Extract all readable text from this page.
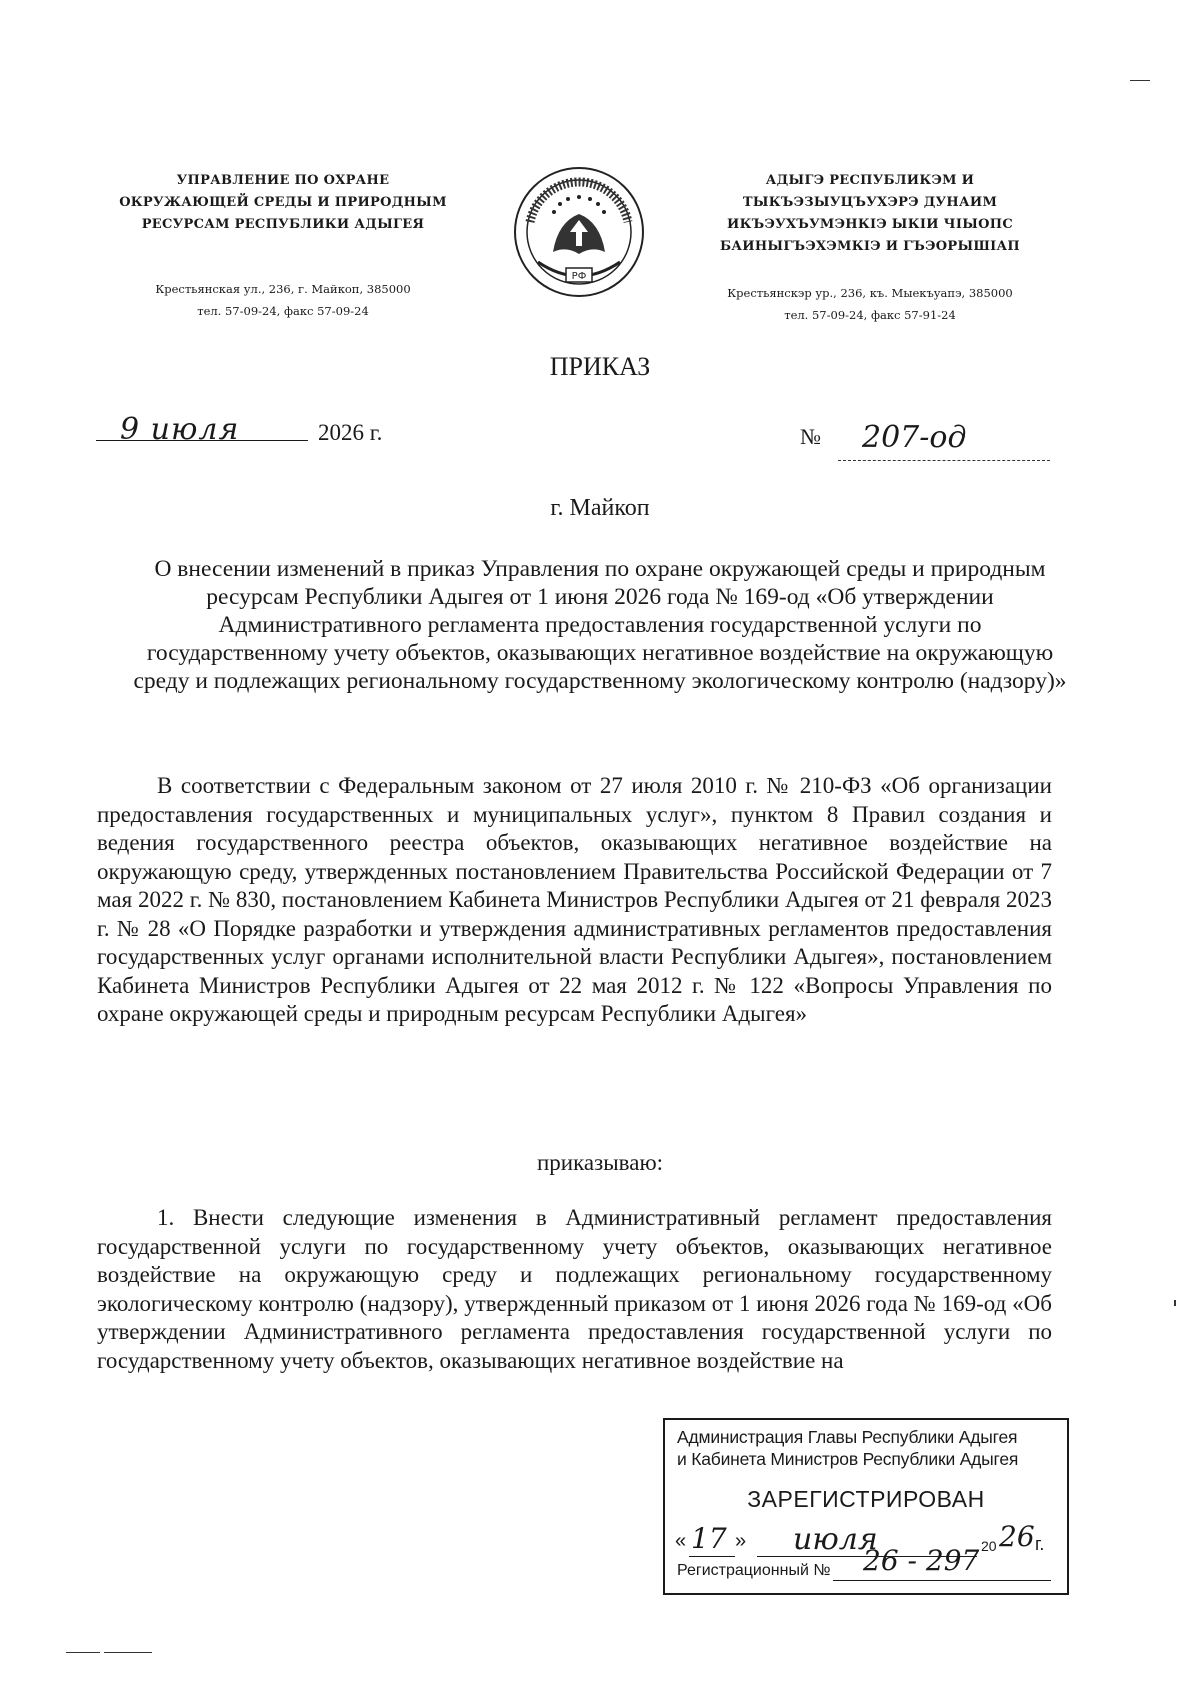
УПРАВЛЕНИЕ ПО ОХРАНЕ
ОКРУЖАЮЩЕЙ СРЕДЫ И ПРИРОДНЫМ
РЕСУРСАМ РЕСПУБЛИКИ АДЫГЕЯ
Крестьянская ул., 236, г. Майкоп, 385000
тел. 57-09-24, факс 57-09-24
РФ
АДЫГЭ РЕСПУБЛИКЭМ И
ТЫКЪЭЗЫУЦЪУХЭРЭ ДУНАИМ
ИКЪЭУХЪУМЭНКIЭ ЫКIИ ЧIЫОПС
БАИНЫГЪЭХЭМКIЭ И ГЪЭОРЫШIАП
Крестьянскэр ур., 236, къ. Мыекъуапэ, 385000
тел. 57-09-24, факс 57-91-24
ПРИКАЗ
9 июля	2026 г.	№ 207-од
г. Майкоп
О внесении изменений в приказ Управления по охране окружающей среды и природным ресурсам Республики Адыгея от 1 июня 2026 года № 169-од «Об утверждении Административного регламента предоставления государственной услуги по государственному учету объектов, оказывающих негативное воздействие на окружающую среду и подлежащих региональному государственному экологическому контролю (надзору)»

В соответствии с Федеральным законом от 27 июля 2010 г. № 210-ФЗ «Об организации предоставления государственных и муниципальных услуг», пунктом 8 Правил создания и ведения государственного реестра объектов, оказывающих негативное воздействие на окружающую среду, утвержденных постановлением Правительства Российской Федерации от 7 мая 2022 г. № 830, постановлением Кабинета Министров Республики Адыгея от 21 февраля 2023 г. № 28 «О Порядке разработки и утверждения административных регламентов предоставления государственных услуг органами исполнительной власти Республики Адыгея», постановлением Кабинета Министров Республики Адыгея от 22 мая 2012 г. № 122 «Вопросы Управления по охране окружающей среды и природным ресурсам Республики Адыгея»

приказываю:

1. Внести следующие изменения в Административный регламент предоставления государственной услуги по государственному учету объектов, оказывающих негативное воздействие на окружающую среду и подлежащих региональному государственному экологическому контролю (надзору), утвержденный приказом от 1 июня 2026 года № 169-од «Об утверждении Административного регламента предоставления государственной услуги по государственному учету объектов, оказывающих негативное воздействие на

Администрация Главы Республики Адыгея
и Кабинета Министров Республики Адыгея
ЗАРЕГИСТРИРОВАН
« 17 » июля	20 26 г.
Регистрационный № 26 - 297
